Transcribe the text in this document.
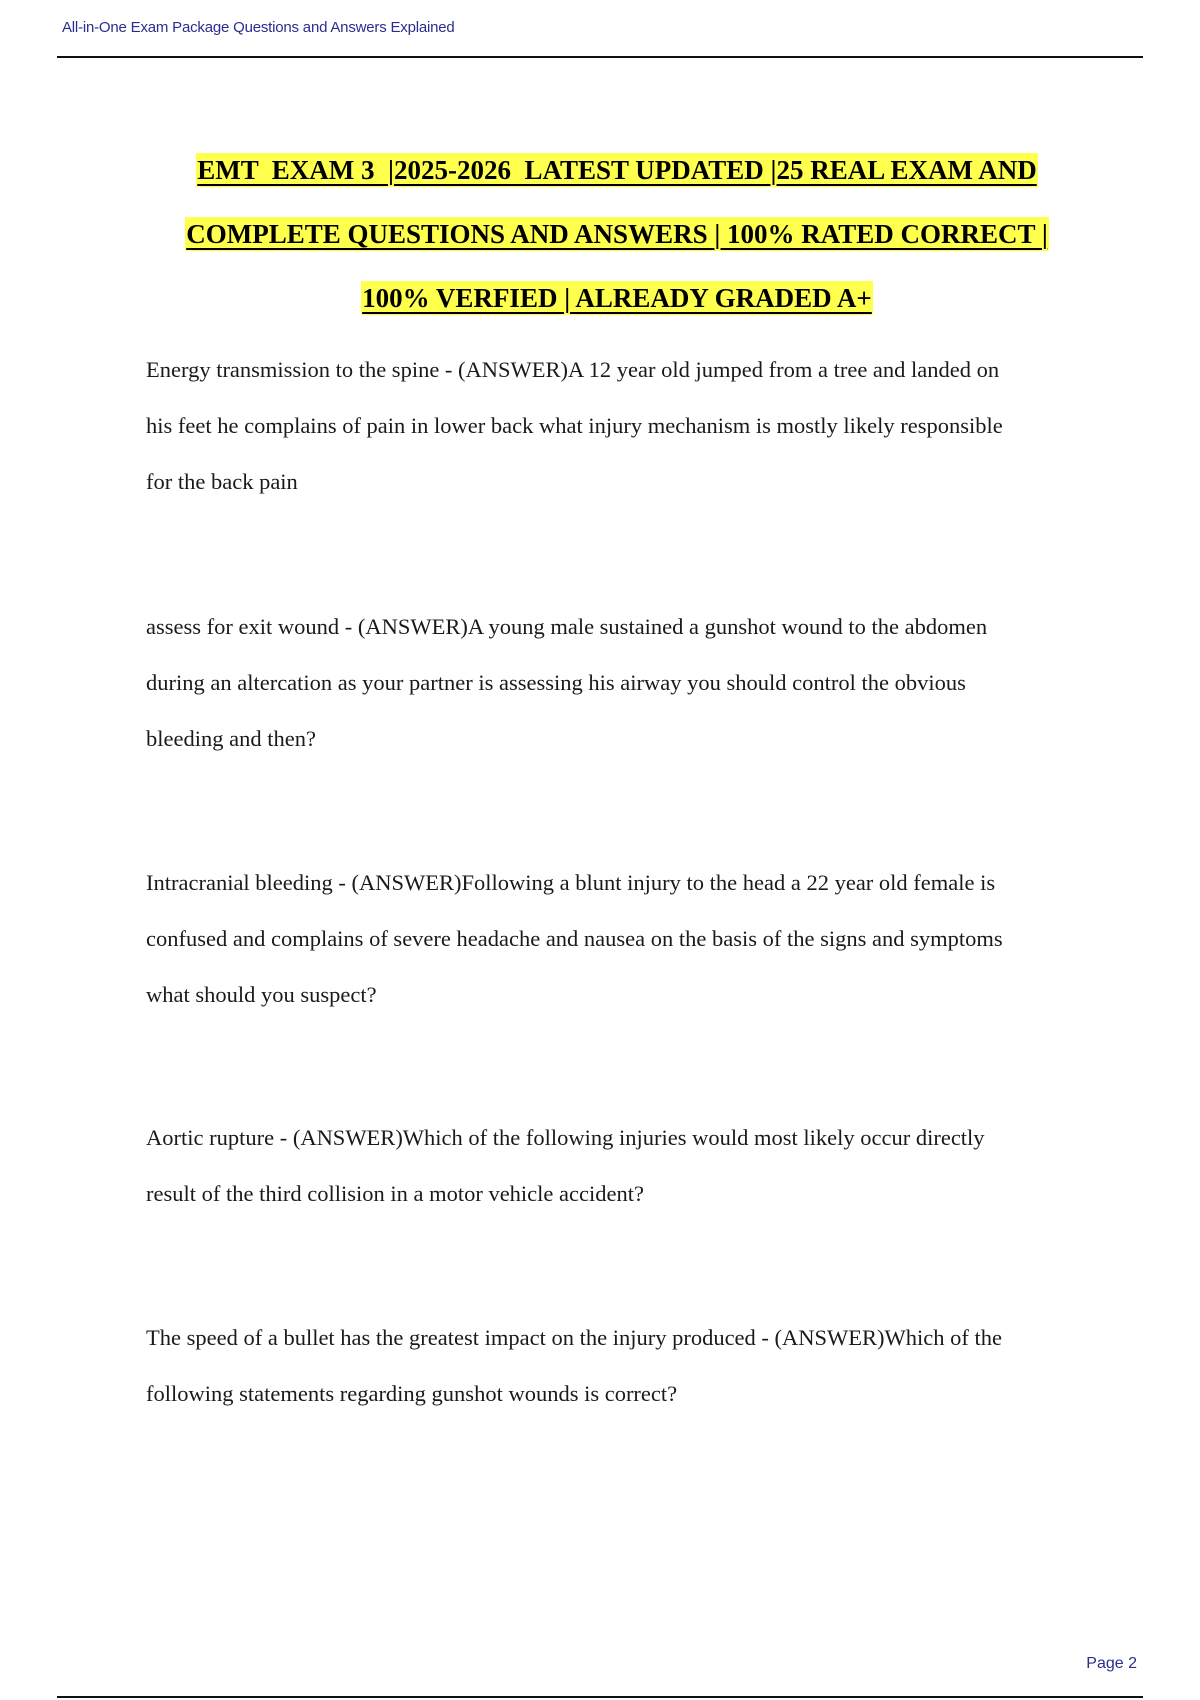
All-in-One Exam Package Questions and Answers Explained
EMT  EXAM 3  |2025-2026  LATEST UPDATED |25 REAL EXAM AND
COMPLETE QUESTIONS AND ANSWERS | 100% RATED CORRECT |
100% VERFIED | ALREADY GRADED A+
Energy transmission to the spine - (ANSWER)A 12 year old jumped from a tree and landed on
his feet he complains of pain in lower back what injury mechanism is mostly likely responsible
for the back pain
assess for exit wound - (ANSWER)A young male sustained a gunshot wound to the abdomen
during an altercation as your partner is assessing his airway you should control the obvious
bleeding and then?
Intracranial bleeding - (ANSWER)Following a blunt injury to the head a 22 year old female is
confused and complains of severe headache and nausea on the basis of the signs and symptoms
what should you suspect?
Aortic rupture - (ANSWER)Which of the following injuries would most likely occur directly
result of the third collision in a motor vehicle accident?
The speed of a bullet has the greatest impact on the injury produced - (ANSWER)Which of the
following statements regarding gunshot wounds is correct?
Page 2
